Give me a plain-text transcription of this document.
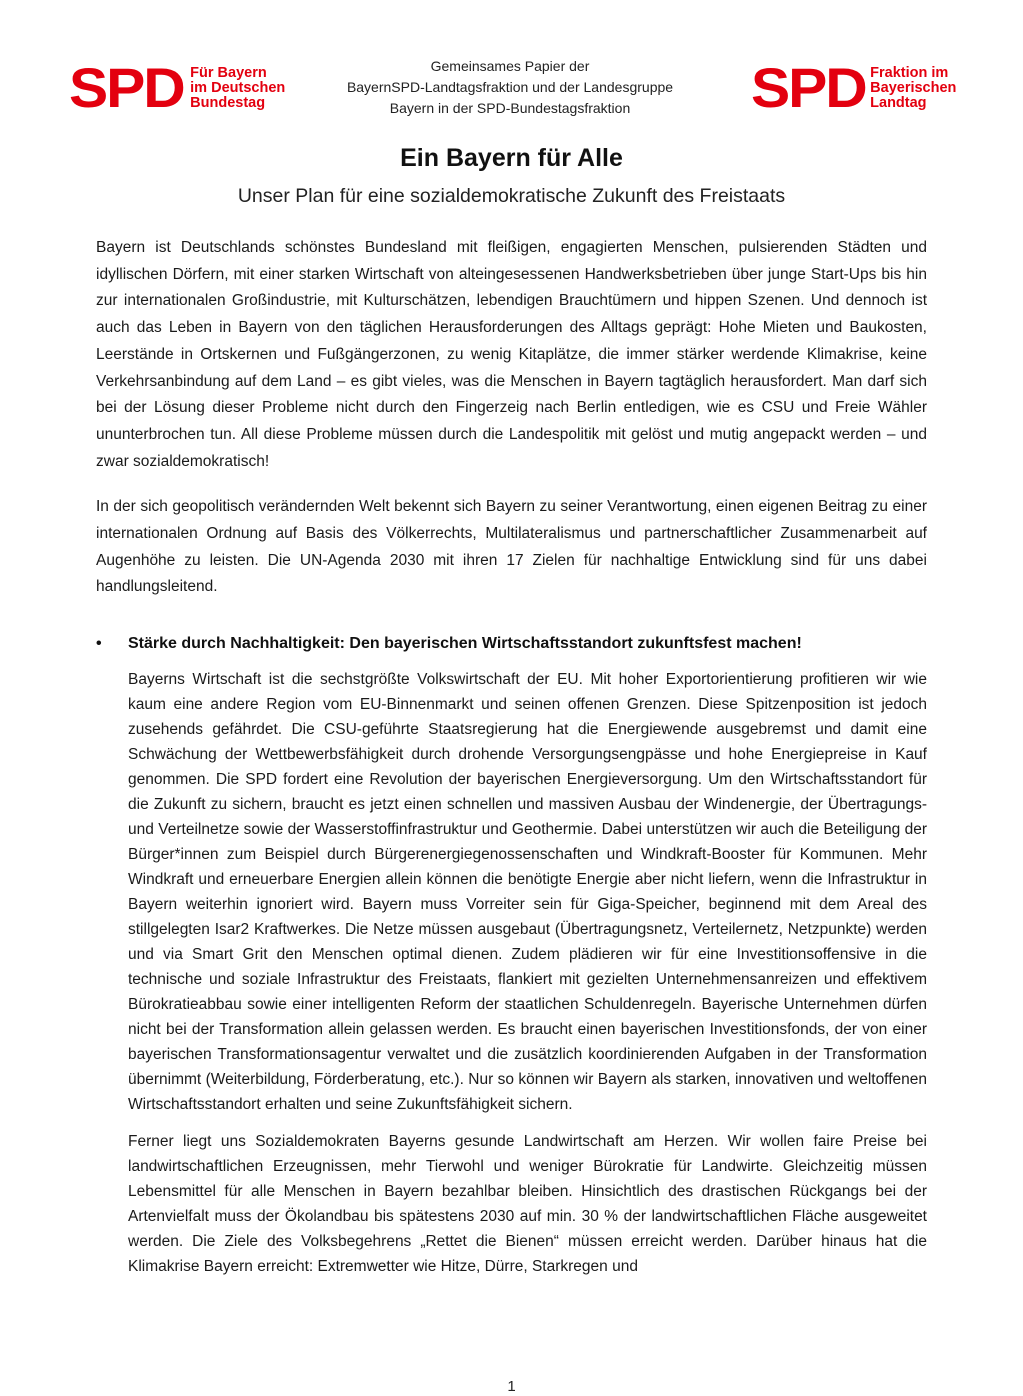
SPD Für Bayern
im Deutschen
Bundestag
Gemeinsames Papier der
BayernSPD-Landtagsfraktion und der Landesgruppe
Bayern in der SPD-Bundestagsfraktion	SPD Fraktion im
Bayerischen
Landtag
Ein Bayern für Alle
Unser Plan für eine sozialdemokratische Zukunft des Freistaats

Bayern ist Deutschlands schönstes Bundesland mit fleißigen, engagierten Menschen, pulsierenden Städten und idyllischen Dörfern, mit einer starken Wirtschaft von alteingesessenen Handwerksbetrieben über junge Start-Ups bis hin zur internationalen Großindustrie, mit Kulturschätzen, lebendigen Brauchtümern und hippen Szenen. Und dennoch ist auch das Leben in Bayern von den täglichen Herausforderungen des Alltags geprägt: Hohe Mieten und Baukosten, Leerstände in Ortskernen und Fußgängerzonen, zu wenig Kitaplätze, die immer stärker werdende Klimakrise, keine Verkehrsanbindung auf dem Land – es gibt vieles, was die Menschen in Bayern tagtäglich herausfordert. Man darf sich bei der Lösung dieser Probleme nicht durch den Fingerzeig nach Berlin entledigen, wie es CSU und Freie Wähler ununterbrochen tun. All diese Probleme müssen durch die Landespolitik mit gelöst und mutig angepackt werden – und zwar sozialdemokratisch!

In der sich geopolitisch verändernden Welt bekennt sich Bayern zu seiner Verantwortung, einen eigenen Beitrag zu einer internationalen Ordnung auf Basis des Völkerrechts, Multilateralismus und partnerschaftlicher Zusammenarbeit auf Augenhöhe zu leisten. Die UN-Agenda 2030 mit ihren 17 Zielen für nachhaltige Entwicklung sind für uns dabei handlungsleitend.

• Stärke durch Nachhaltigkeit: Den bayerischen Wirtschaftsstandort zukunftsfest machen!

Bayerns Wirtschaft ist die sechstgrößte Volkswirtschaft der EU. Mit hoher Exportorientierung profitieren wir wie kaum eine andere Region vom EU-Binnenmarkt und seinen offenen Grenzen. Diese Spitzenposition ist jedoch zusehends gefährdet. Die CSU-geführte Staatsregierung hat die Energiewende ausgebremst und damit eine Schwächung der Wettbewerbsfähigkeit durch drohende Versorgungsengpässe und hohe Energiepreise in Kauf genommen. Die SPD fordert eine Revolution der bayerischen Energieversorgung. Um den Wirtschaftsstandort für die Zukunft zu sichern, braucht es jetzt einen schnellen und massiven Ausbau der Windenergie, der Übertragungs- und Verteilnetze sowie der Wasserstoffinfrastruktur und Geothermie. Dabei unterstützen wir auch die Beteiligung der Bürger*innen zum Beispiel durch Bürgerenergiegenossenschaften und Windkraft-Booster für Kommunen. Mehr Windkraft und erneuerbare Energien allein können die benötigte Energie aber nicht liefern, wenn die Infrastruktur in Bayern weiterhin ignoriert wird. Bayern muss Vorreiter sein für Giga-Speicher, beginnend mit dem Areal des stillgelegten Isar2 Kraftwerkes. Die Netze müssen ausgebaut (Übertragungsnetz, Verteilernetz, Netzpunkte) werden und via Smart Grit den Menschen optimal dienen. Zudem plädieren wir für eine Investitionsoffensive in die technische und soziale Infrastruktur des Freistaats, flankiert mit gezielten Unternehmensanreizen und effektivem Bürokratieabbau sowie einer intelligenten Reform der staatlichen Schuldenregeln. Bayerische Unternehmen dürfen nicht bei der Transformation allein gelassen werden. Es braucht einen bayerischen Investitionsfonds, der von einer bayerischen Transformationsagentur verwaltet und die zusätzlich koordinierenden Aufgaben in der Transformation übernimmt (Weiterbildung, Förderberatung, etc.). Nur so können wir Bayern als starken, innovativen und weltoffenen Wirtschaftsstandort erhalten und seine Zukunftsfähigkeit sichern.

Ferner liegt uns Sozialdemokraten Bayerns gesunde Landwirtschaft am Herzen. Wir wollen faire Preise bei landwirtschaftlichen Erzeugnissen, mehr Tierwohl und weniger Bürokratie für Landwirte. Gleichzeitig müssen Lebensmittel für alle Menschen in Bayern bezahlbar bleiben. Hinsichtlich des drastischen Rückgangs bei der Artenvielfalt muss der Ökolandbau bis spätestens 2030 auf min. 30 % der landwirtschaftlichen Fläche ausgeweitet werden. Die Ziele des Volksbegehrens „Rettet die Bienen“ müssen erreicht werden. Darüber hinaus hat die Klimakrise Bayern erreicht: Extremwetter wie Hitze, Dürre, Starkregen und

1
